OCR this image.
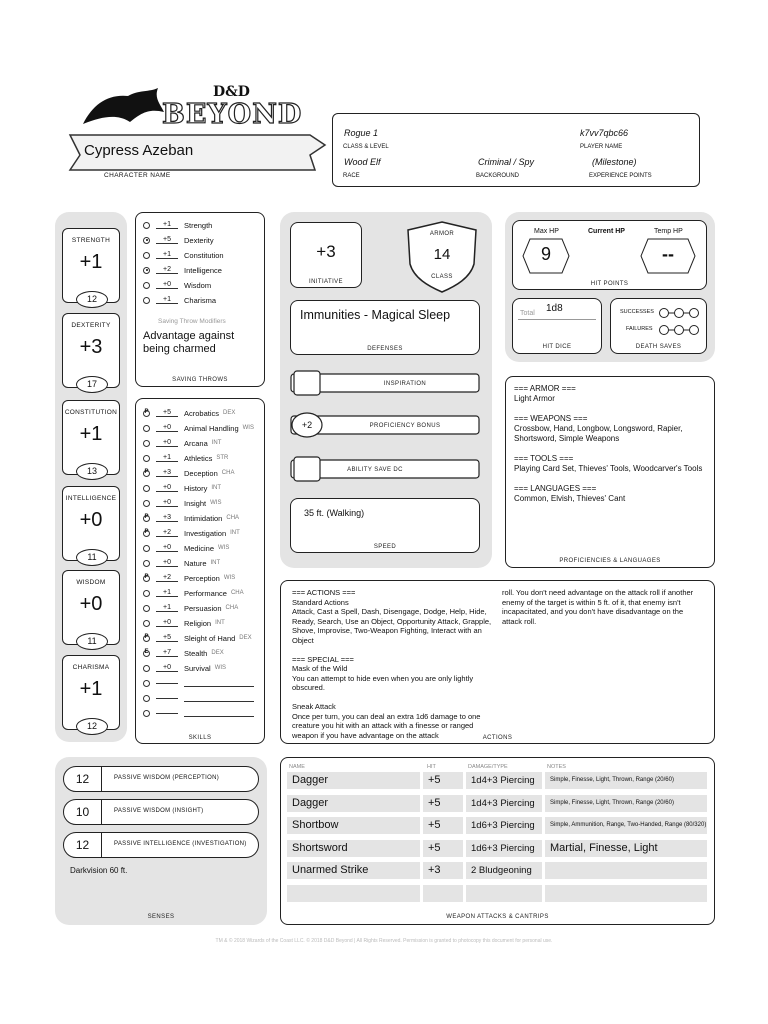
D&D
BEYOND
Cypress Azeban
CHARACTER NAME
Rogue 1
CLASS & LEVEL
k7vv7qbc66
PLAYER NAME
Wood Elf
RACE
Criminal / Spy
BACKGROUND
(Milestone)
EXPERIENCE POINTS
Saving Throw Modifiers
Advantage against being charmed
SAVING THROWS
SKILLS
+3
INITIATIVE
ARMOR
14
CLASS
Immunities - Magical Sleep
DEFENSES
INSPIRATION
+2	PROFICIENCY BONUS
ABILITY SAVE DC
35 ft. (Walking)
SPEED
Max HP	Current HP	Temp HP
9	--
HIT POINTS
Total 1d8
HIT DICE
SUCCESSES
FAILURES
DEATH SAVES
=== ARMOR ===
Light Armor

=== WEAPONS ===
Crossbow, Hand, Longbow, Longsword, Rapier, Shortsword, Simple Weapons

=== TOOLS ===
Playing Card Set, Thieves' Tools, Woodcarver's Tools

=== LANGUAGES ===
Common, Elvish, Thieves' Cant
PROFICIENCIES & LANGUAGES
=== ACTIONS ===
Standard Actions
Attack, Cast a Spell, Dash, Disengage, Dodge, Help, Hide, Ready, Search, Use an Object, Opportunity Attack, Grapple, Shove, Improvise, Two-Weapon Fighting, Interact with an Object

=== SPECIAL ===
Mask of the Wild
You can attempt to hide even when you are only lightly obscured.

Sneak Attack
Once per turn, you can deal an extra 1d6 damage to one creature you hit with an attack with a finesse or ranged weapon if you have advantage on the attack
roll. You don't need advantage on the attack roll if another enemy of the target is within 5 ft. of it, that enemy isn't incapacitated, and you don't have disadvantage on the attack roll.
ACTIONS
Darkvision 60 ft.
SENSES
NAME	HIT	DAMAGE/TYPE	NOTES
WEAPON ATTACKS & CANTRIPS
TM & © 2018 Wizards of the Coast LLC. © 2018 D&D Beyond | All Rights Reserved. Permission is granted to photocopy this document for personal use.
STRENGTH
+1
12
DEXTERITY
+3
17
CONSTITUTION
+1
13
INTELLIGENCE
+0
11
WISDOM
+0
11
CHARISMA
+1
12
+1	Strength
+5	Dexterity
+1	Constitution
+2	Intelligence
+0	Wisdom
+1	Charisma
P
+5	Acrobatics DEX
+0	Animal Handling WIS
+0	Arcana INT
+1	Athletics STR
P
+3	Deception CHA
+0	History INT
+0	Insight WIS
P
+3	Intimidation CHA
P
+2	Investigation INT
+0	Medicine WIS
+0	Nature INT
P
+2	Perception WIS
+1	Performance CHA
+1	Persuasion CHA
+0	Religion INT
P
+5	Sleight of Hand DEX
E
+7	Stealth DEX
+0	Survival WIS
12	PASSIVE WISDOM (PERCEPTION)
10	PASSIVE WISDOM (INSIGHT)
12	PASSIVE INTELLIGENCE (INVESTIGATION)
Dagger	+5	1d4+3 Piercing	Simple, Finesse, Light, Thrown, Range (20/60)
Dagger	+5	1d4+3 Piercing	Simple, Finesse, Light, Thrown, Range (20/60)
Shortbow	+5	1d6+3 Piercing	Simple, Ammunition, Range, Two-Handed, Range (80/320)
Shortsword	+5	1d6+3 Piercing	Martial, Finesse, Light
Unarmed Strike	+3	2 Bludgeoning
